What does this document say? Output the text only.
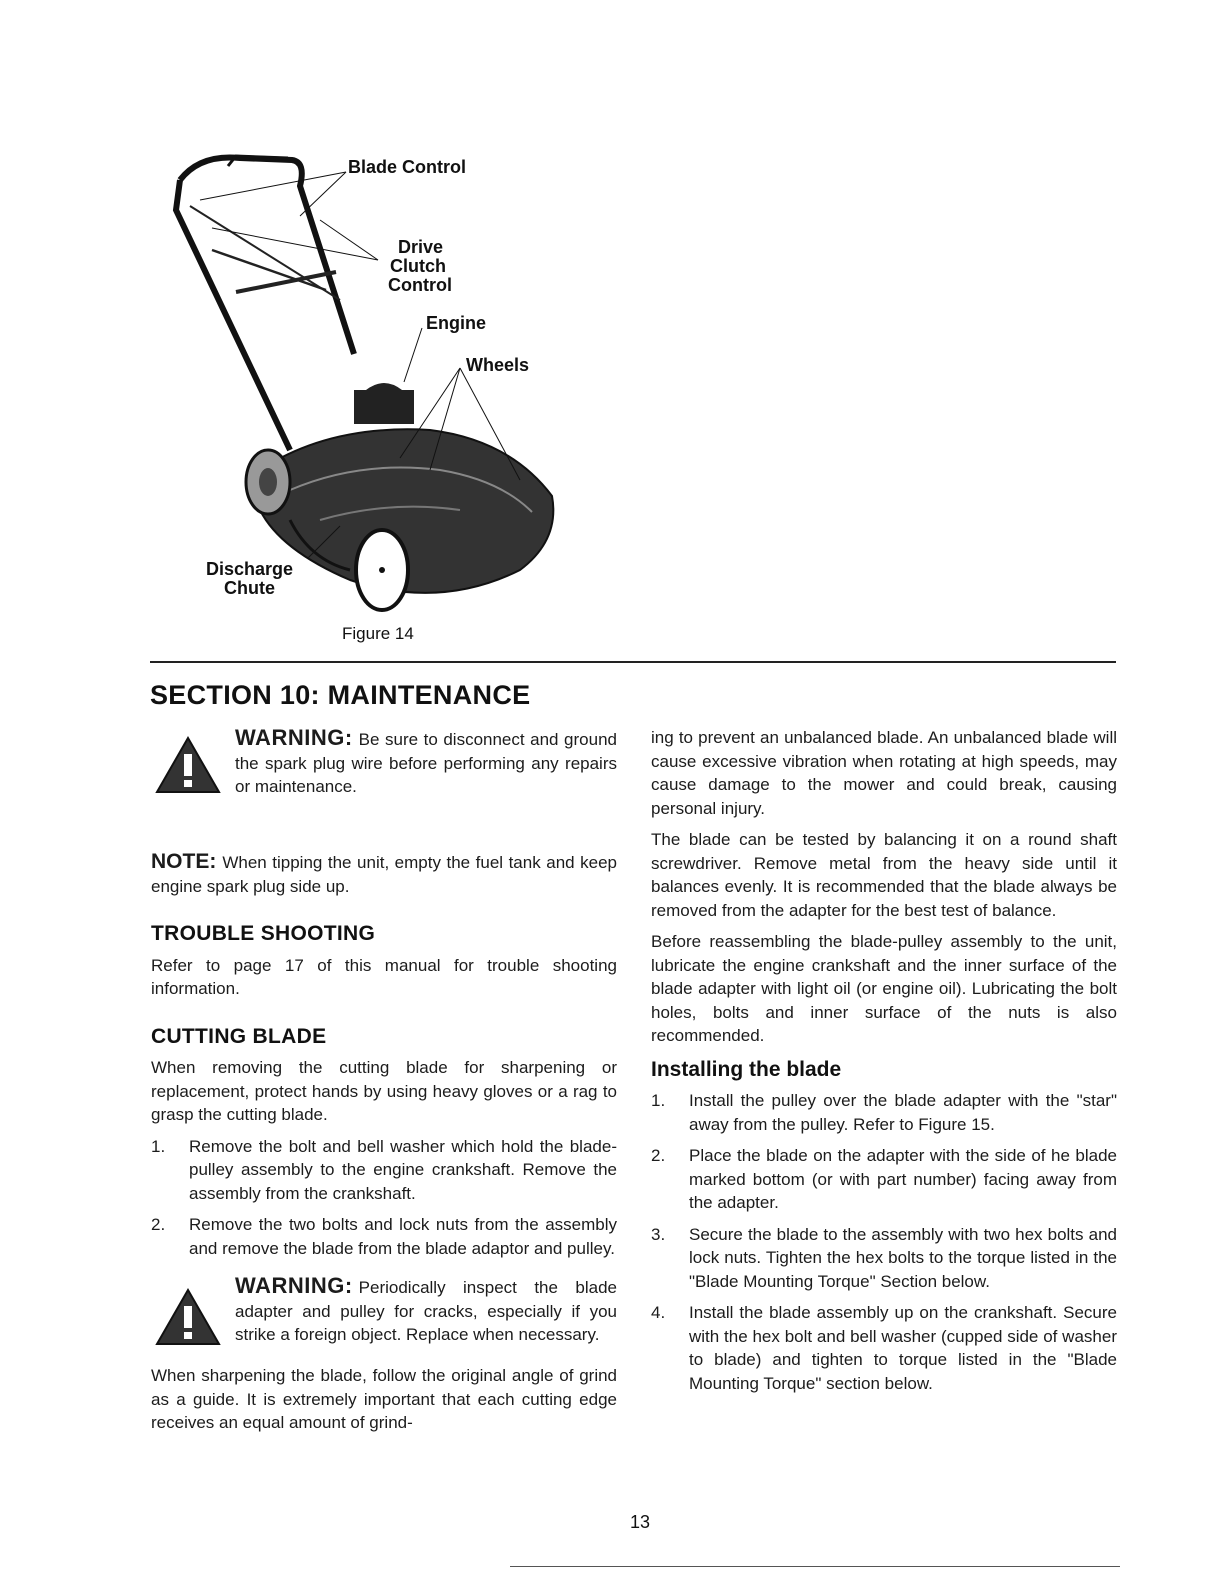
Blade Control
Drive
Clutch
Control
Engine
Wheels
Discharge
Chute
Figure 14
SECTION 10: MAINTENANCE

WARNING: Be sure to disconnect and ground the spark plug wire before performing any repairs or maintenance.

NOTE: When tipping the unit, empty the fuel tank and keep engine spark plug side up.

TROUBLE SHOOTING

Refer to page 17 of this manual for trouble shooting information.

CUTTING BLADE

When removing the cutting blade for sharpening or replacement, protect hands by using heavy gloves or a rag to grasp the cutting blade.

1. Remove the bolt and bell washer which hold the blade-pulley assembly to the engine crankshaft. Remove the assembly from the crankshaft.
2. Remove the two bolts and lock nuts from the assembly and remove the blade from the blade adaptor and pulley.

WARNING: Periodically inspect the blade adapter and pulley for cracks, especially if you strike a foreign object. Replace when necessary.

When sharpening the blade, follow the original angle of grind as a guide. It is extremely important that each cutting edge receives an equal amount of grind-

ing to prevent an unbalanced blade. An unbalanced blade will cause excessive vibration when rotating at high speeds, may cause damage to the mower and could break, causing personal injury.

The blade can be tested by balancing it on a round shaft screwdriver. Remove metal from the heavy side until it balances evenly. It is recommended that the blade always be removed from the adapter for the best test of balance.

Before reassembling the blade-pulley assembly to the unit, lubricate the engine crankshaft and the inner surface of the blade adapter with light oil (or engine oil). Lubricating the bolt holes, bolts and inner surface of the nuts is also recommended.

Installing the blade
1. Install the pulley over the blade adapter with the "star" away from the pulley. Refer to Figure 15.
2. Place the blade on the adapter with the side of he blade marked bottom (or with part number) facing away from the adapter.
3. Secure the blade to the assembly with two hex bolts and lock nuts. Tighten the hex bolts to the torque listed in the "Blade Mounting Torque" Section below.
4. Install the blade assembly up on the crankshaft. Secure with the hex bolt and bell washer (cupped side of washer to blade) and tighten to torque listed in the "Blade Mounting Torque" section below.
13
